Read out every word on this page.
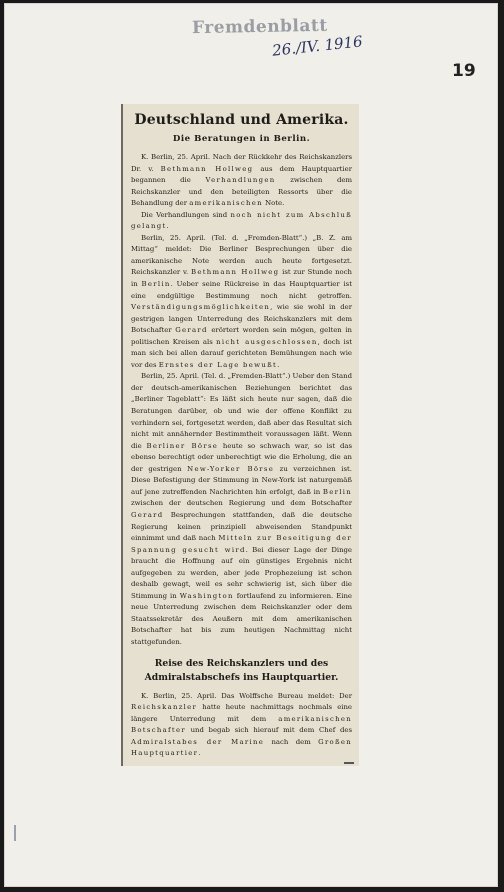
Fremdenblatt
26./IV. 1916
19
Deutschland und Amerika.
Die Beratungen in Berlin.

K. Berlin, 25. April. Nach der Rückkehr des Reichskanzlers Dr. v. Bethmann Hollweg aus dem Hauptquartier begannen die Verhandlungen zwischen dem Reichskanzler und den beteiligten Ressorts über die Behandlung der amerikanischen Note.

Die Verhandlungen sind noch nicht zum Abschluß gelangt.

Berlin, 25. April. (Tel. d. „Fremden-Blatt“.) „B. Z. am Mittag“ meldet: Die Berliner Besprechungen über die amerikanische Note werden auch heute fortgesetzt. Reichskanzler v. Bethmann Hollweg ist zur Stunde noch in Berlin. Ueber seine Rückreise in das Hauptquartier ist eine endgültige Bestimmung noch nicht getroffen. Verständigungsmöglichkeiten, wie sie wohl in der gestrigen langen Unterredung des Reichskanzlers mit dem Botschafter Gerard erörtert worden sein mögen, gelten in politischen Kreisen als nicht ausgeschlossen, doch ist man sich bei allen darauf gerichteten Bemühungen nach wie vor des Ernstes der Lage bewußt.

Berlin, 25. April. (Tel. d. „Fremden-Blatt“.) Ueber den Stand der deutsch-amerikanischen Beziehungen berichtet das „Berliner Tageblatt“: Es läßt sich heute nur sagen, daß die Beratungen darüber, ob und wie der offene Konflikt zu verhindern sei, fortgesetzt werden, daß aber das Resultat sich nicht mit annähernder Bestimmtheit voraussagen läßt. Wenn die Berliner Börse heute so schwach war, so ist das ebenso berechtigt oder unberechtigt wie die Erholung, die an der gestrigen New-Yorker Börse zu verzeichnen ist. Diese Befestigung der Stimmung in New-York ist naturgemäß auf jene zutreffenden Nachrichten hin erfolgt, daß in Berlin zwischen der deutschen Regierung und dem Botschafter Gerard Besprechungen stattfanden, daß die deutsche Regierung keinen prinzipiell abweisenden Standpunkt einnimmt und daß nach Mitteln zur Beseitigung der Spannung gesucht wird. Bei dieser Lage der Dinge braucht die Hoffnung auf ein günstiges Ergebnis nicht aufgegeben zu werden, aber jede Prophezeiung ist schon deshalb gewagt, weil es sehr schwierig ist, sich über die Stimmung in Washington fortlaufend zu informieren. Eine neue Unterredung zwischen dem Reichskanzler oder dem Staatssekretär des Aeußern mit dem amerikanischen Botschafter hat bis zum heutigen Nachmittag nicht stattgefunden.

Reise des Reichskanzlers und des Admiralstabschefs ins Hauptquartier.

K. Berlin, 25. April. Das Wolffsche Bureau meldet: Der Reichskanzler hatte heute nachmittags nochmals eine längere Unterredung mit dem amerikanischen Botschafter und begab sich hierauf mit dem Chef des Admiralstabes der Marine nach dem Großen Hauptquartier.
